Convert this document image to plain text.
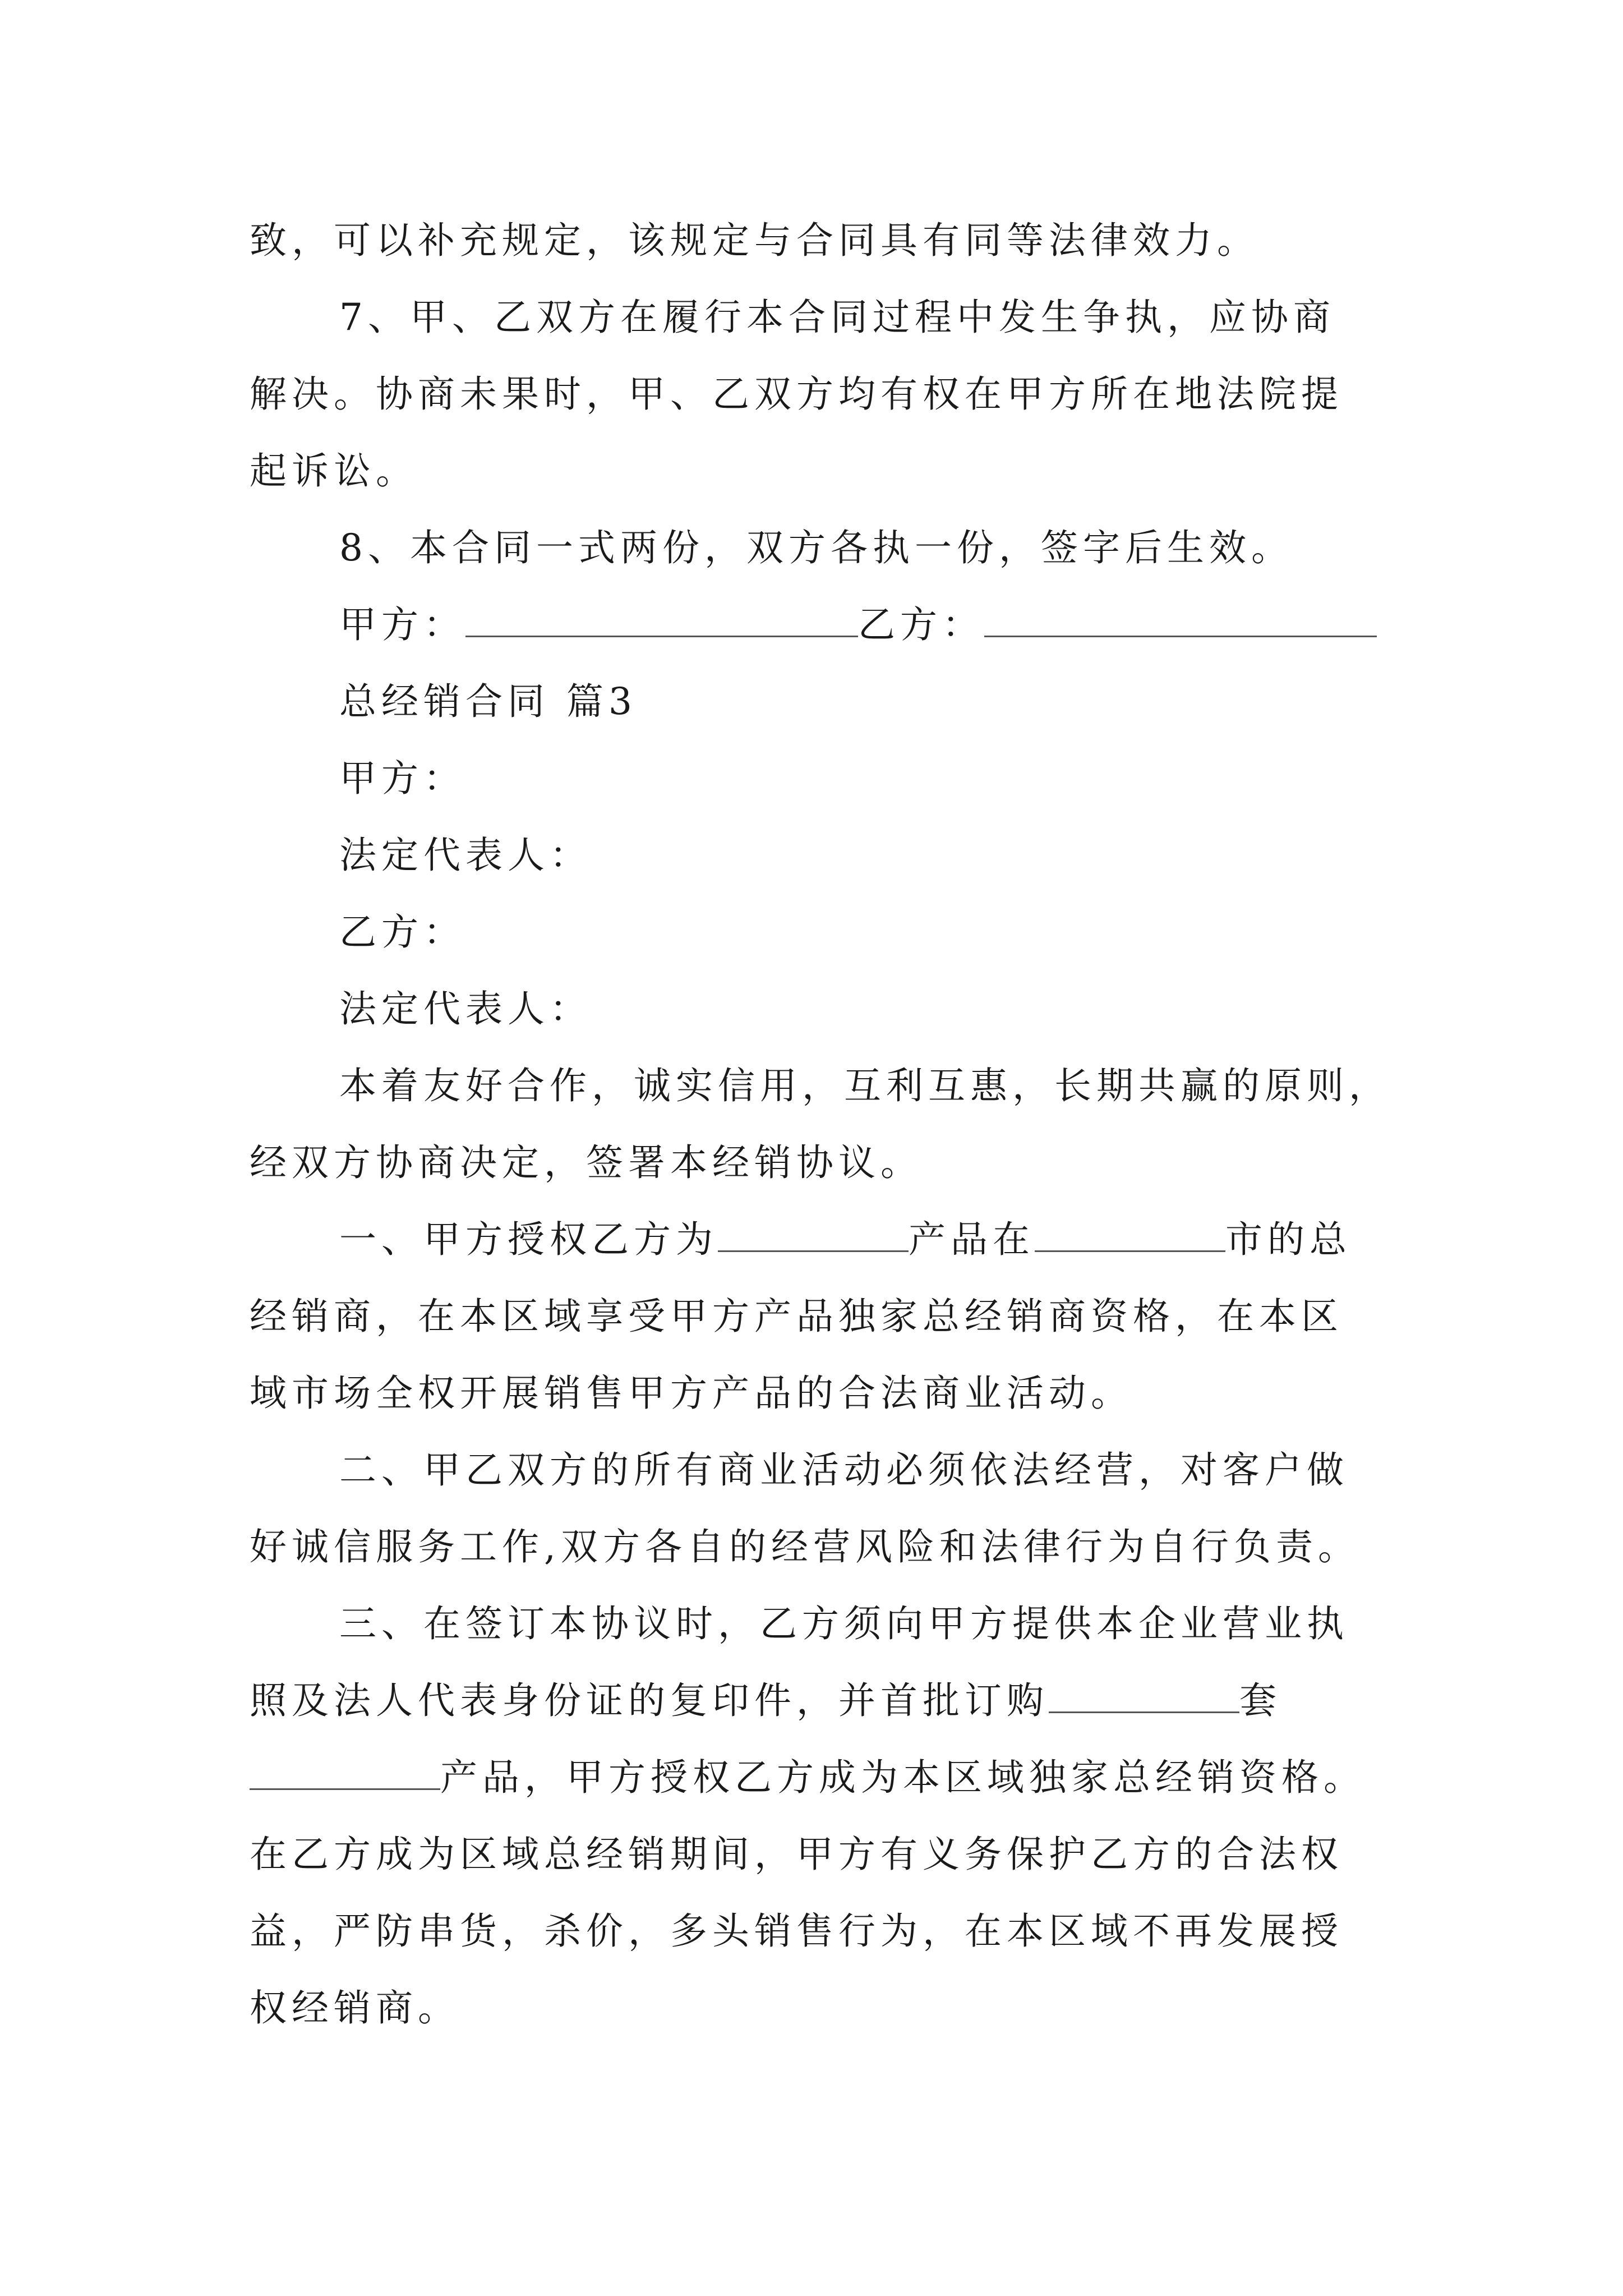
致，可以补充规定，该规定与合同具有同等法律效力。
7、甲、乙双方在履行本合同过程中发生争执，应协商
解决。协商未果时，甲、乙双方均有权在甲方所在地法院提
起诉讼。
8、本合同一式两份，双方各执一份，签字后生效。
甲方：	乙方：
总经销合同 篇3
甲方：
法定代表人：
乙方：
法定代表人：
本着友好合作，诚实信用，互利互惠，长期共赢的原则，
经双方协商决定，签署本经销协议。
一、甲方授权乙方为	产品在	市的总
经销商，在本区域享受甲方产品独家总经销商资格，在本区
域市场全权开展销售甲方产品的合法商业活动。
二、甲乙双方的所有商业活动必须依法经营，对客户做
好诚信服务工作,双方各自的经营风险和法律行为自行负责。
三、在签订本协议时，乙方须向甲方提供本企业营业执
照及法人代表身份证的复印件，并首批订购	套
产品，甲方授权乙方成为本区域独家总经销资格。
在乙方成为区域总经销期间，甲方有义务保护乙方的合法权
益，严防串货，杀价，多头销售行为，在本区域不再发展授
权经销商。
